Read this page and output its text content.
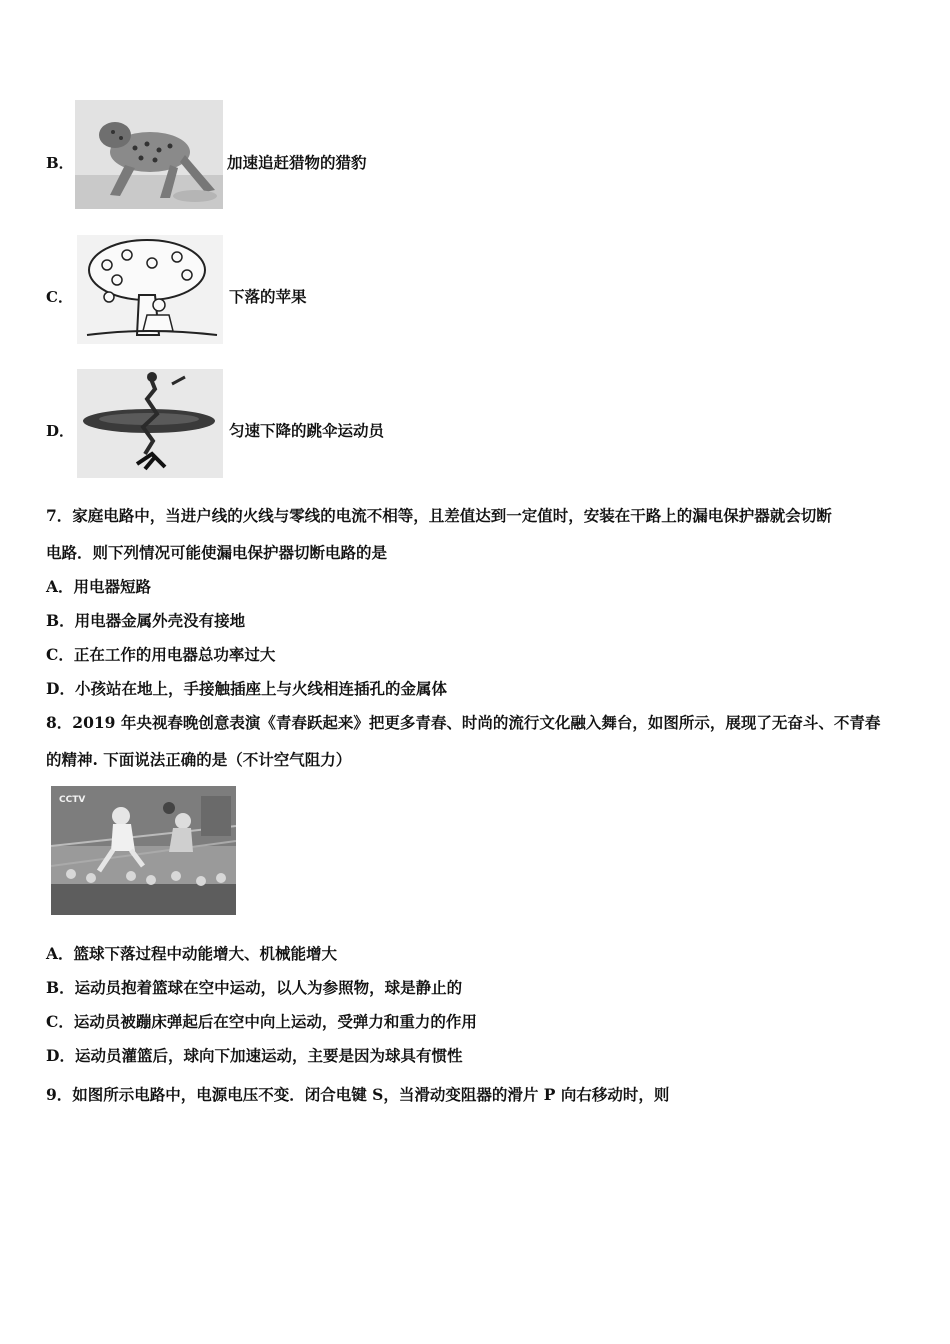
B．	加速追赶猎物的猎豹
C．	下落的苹果
D．	匀速下降的跳伞运动员
7．家庭电路中，当进户线的火线与零线的电流不相等，且差值达到一定值时，安装在干路上的漏电保护器就会切断
电路．则下列情况可能使漏电保护器切断电路的是
A．用电器短路
B．用电器金属外壳没有接地
C．正在工作的用电器总功率过大
D．小孩站在地上，手接触插座上与火线相连插孔的金属体
8．2019 年央视春晚创意表演《青春跃起来》把更多青春、时尚的流行文化融入舞台，如图所示，展现了无奋斗、不青春
的精神. 下面说法正确的是（不计空气阻力）
CCTV
A．篮球下落过程中动能增大、机械能增大
B．运动员抱着篮球在空中运动，以人为参照物，球是静止的
C．运动员被蹦床弹起后在空中向上运动，受弹力和重力的作用
D．运动员灌篮后，球向下加速运动，主要是因为球具有惯性
9．如图所示电路中，电源电压不变．闭合电键 S，当滑动变阻器的滑片 P 向右移动时，则
